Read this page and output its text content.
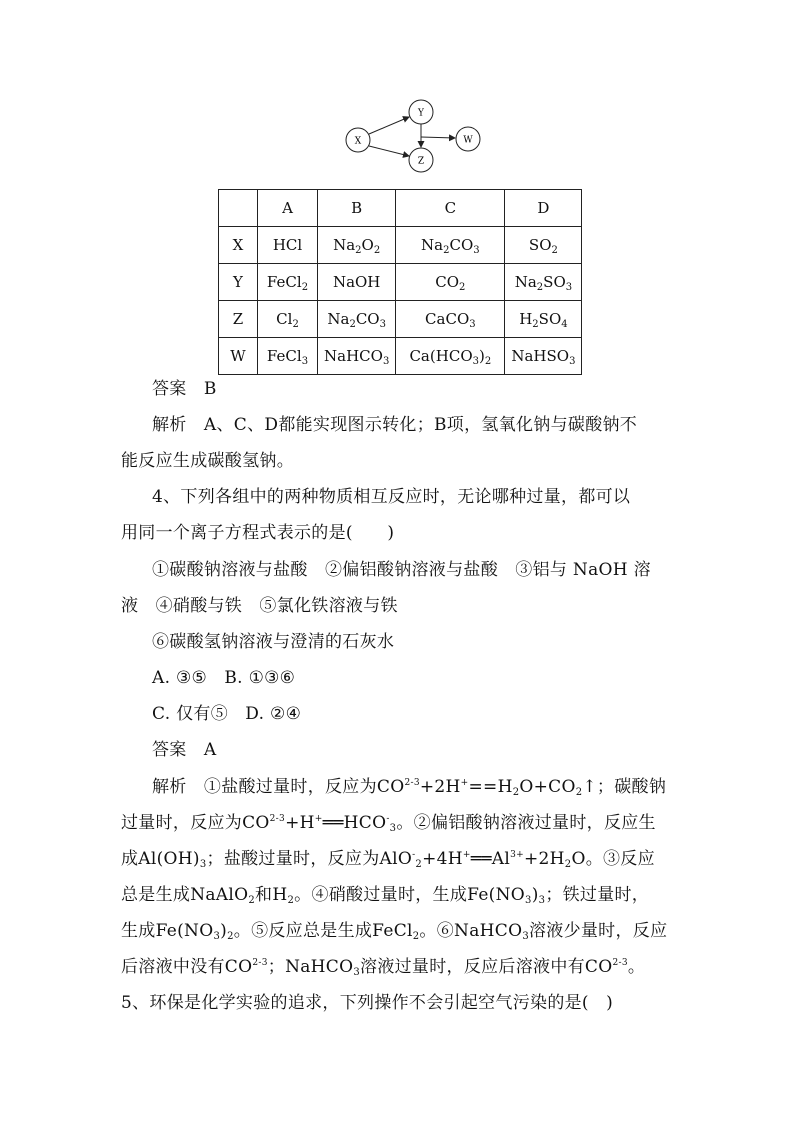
X
Y
Z
W
	A	B	C	D
X	HCl	$Na_2O_2$	$Na_2CO_3$	$SO_2$
Y	FeCl$_2$	NaOH	$CO_2$	$Na_2SO_3$
Z	$Cl_2$	$Na_2CO_3$	CaCO$_3$	$H_2SO_4$
W	FeCl$_3$	NaHCO$_3$	$Ca(HCO_3)_2$	NaHSO$_3$
答案　B
解析　A、C、D都能实现图示转化；B项，氢氧化钠与碳酸钠不
能反应生成碳酸氢钠。
4、下列各组中的两种物质相互反应时，无论哪种过量，都可以
用同一个离子方程式表示的是(　　)
①碳酸钠溶液与盐酸　②偏铝酸钠溶液与盐酸　③铝与 NaOH 溶
液　④硝酸与铁　⑤氯化铁溶液与铁
⑥碳酸氢钠溶液与澄清的石灰水
A. ③⑤　B. ①③⑥
C. 仅有⑤　D. ②④
答案　A
解析　①盐酸过量时，反应为$CO^{2-3}+2H^+==H_2O+CO_2↑$；碳酸钠
过量时，反应为$CO^{2-3}+H^+══HCO^-_3$。②偏铝酸钠溶液过量时，反应生
成$Al(OH)_3$；盐酸过量时，反应为$AlO^-_2+4H^+══Al^{3+}+2H_2O$。③反应
总是生成NaAlO$_2$和$H_2$。④硝酸过量时，生成$Fe(NO_3)_3$；铁过量时，
生成$Fe(NO_3)_2$。⑤反应总是生成FeCl$_2$。⑥NaHCO$_3$溶液少量时，反应
后溶液中没有CO$^{2-3}$；NaHCO$_3$溶液过量时，反应后溶液中有CO$^{2-3}$。
5、环保是化学实验的追求，下列操作不会引起空气污染的是(　)
